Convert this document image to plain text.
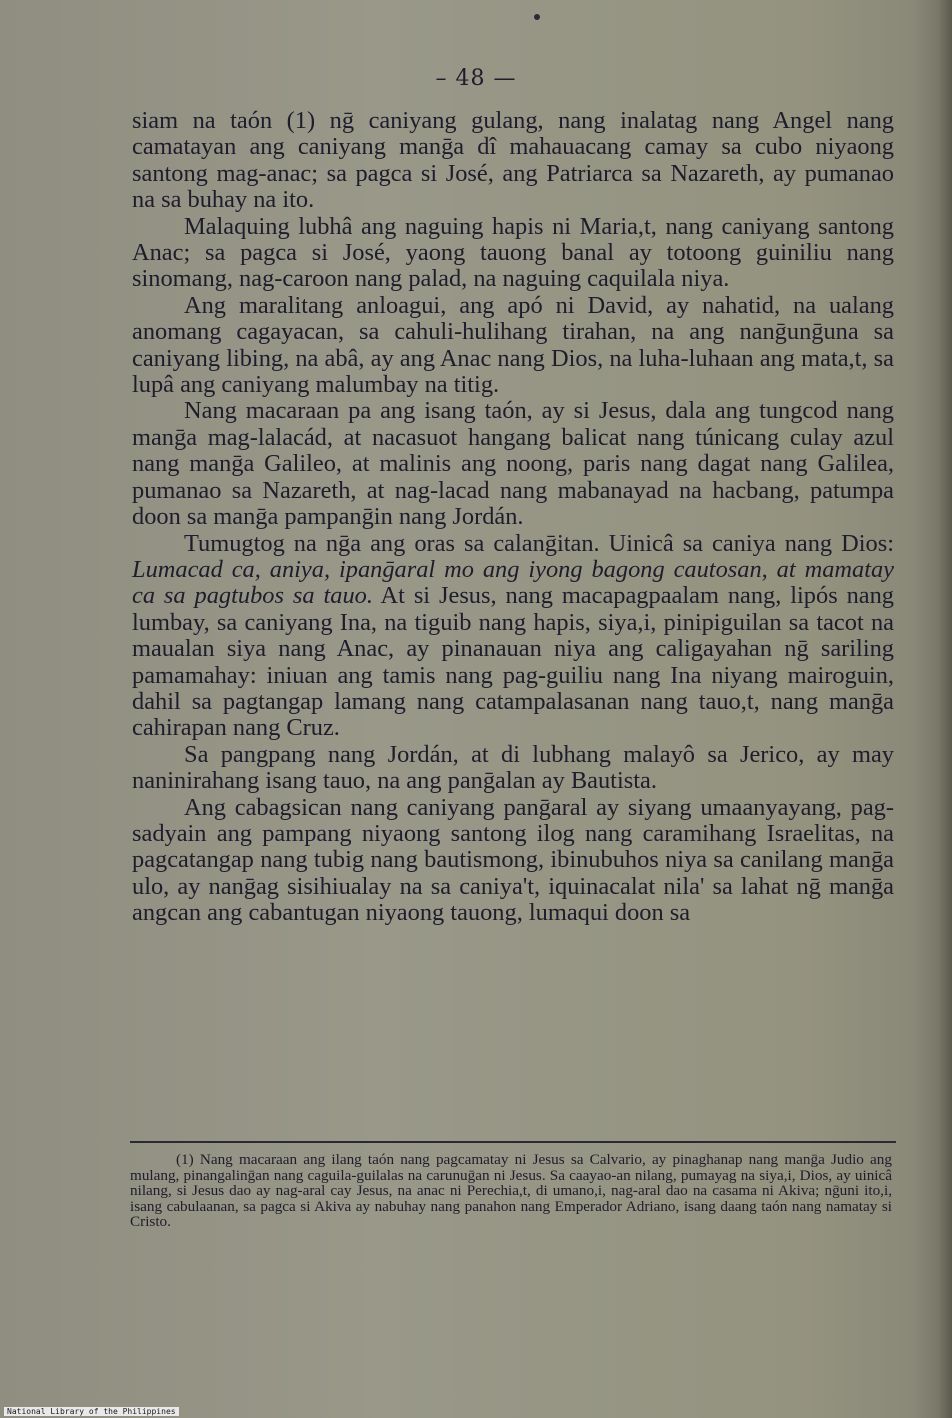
– 48 —

siam na taón (1) nḡ caniyang gulang, nang inalatag nang Angel nang camatayan ang caniyang manḡa dî mahauacang camay sa cubo niyaong santong mag-anac; sa pagca si José, ang Patriarca sa Nazareth, ay pumanao na sa buhay na ito.

Malaquing lubhâ ang naguing hapis ni Maria,t, nang caniyang santong Anac; sa pagca si José, yaong tauong banal ay totoong guiniliu nang sinomang, nag-caroon nang palad, na naguing caquilala niya.

Ang maralitang anloagui, ang apó ni David, ay nahatid, na ualang anomang cagayacan, sa cahuli-hulihang tirahan, na ang nanḡunḡuna sa caniyang libing, na abâ, ay ang Anac nang Dios, na luha-luhaan ang mata,t, sa lupâ ang caniyang malumbay na titig.

Nang macaraan pa ang isang taón, ay si Jesus, dala ang tungcod nang manḡa mag-lalacád, at nacasuot hangang balicat nang túnicang culay azul nang manḡa Galileo, at malinis ang noong, paris nang dagat nang Galilea, pumanao sa Nazareth, at nag-lacad nang mabanayad na hacbang, patumpa doon sa manḡa pampanḡin nang Jordán.

Tumugtog na nḡa ang oras sa calanḡitan. Uinicâ sa caniya nang Dios: Lumacad ca, aniya, ipanḡaral mo ang iyong bagong cautosan, at mamatay ca sa pagtubos sa tauo. At si Jesus, nang macapagpaalam nang, lipós nang lumbay, sa caniyang Ina, na tiguib nang hapis, siya,i, pinipiguilan sa tacot na maualan siya nang Anac, ay pinanauan niya ang caligayahan nḡ sariling pamamahay: iniuan ang tamis nang pag-guiliu nang Ina niyang mairoguin, dahil sa pagtangap lamang nang catampalasanan nang tauo,t, nang manḡa cahirapan nang Cruz.

Sa pangpang nang Jordán, at di lubhang malayô sa Jerico, ay may naninirahang isang tauo, na ang panḡalan ay Bautista.

Ang cabagsican nang caniyang panḡaral ay siyang umaanyayang, pag-sadyain ang pampang niyaong santong ilog nang caramihang Israelitas, na pagcatangap nang tubig nang bautismong, ibinubuhos niya sa canilang manḡa ulo, ay nanḡag sisihiualay na sa caniya't, iquinacalat nila' sa lahat nḡ manḡa angcan ang cabantugan niyaong tauong, lumaqui doon sa

(1) Nang macaraan ang ilang taón nang pagcamatay ni Jesus sa Calvario, ay pinaghanap nang manḡa Judio ang mulang, pinangalinḡan nang caguila-guilalas na carunuḡan ni Jesus. Sa caayao-an nilang, pumayag na siya,i, Dios, ay uinicâ nilang, si Jesus dao ay nag-aral cay Jesus, na anac ni Perechia,t, di umano,i, nag-aral dao na casama ni Akiva; nḡuni ito,i, isang cabulaanan, sa pagca si Akiva ay nabuhay nang panahon nang Emperador Adriano, isang daang taón nang namatay si Cristo.

National Library of the Philippines
